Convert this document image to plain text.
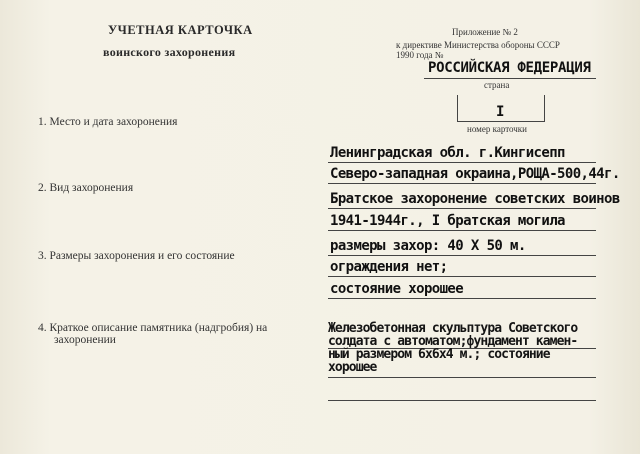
УЧЕТНАЯ КАРТОЧКА
воинского захоронения
Приложение № 2
к директиве Министерства обороны СССР
1990 года №
РОССИЙСКАЯ ФЕДЕРАЦИЯ
страна
I
номер карточки
1. Место и дата захоронения
Ленинградская обл. г.Кингисепп
Северо-западная окраина,РОЩА-500,44г.
2. Вид захоронения
Братское захоронение советских воинов
1941-1944г., I братская могила
3. Размеры захоронения и его состояние
размеры захор: 40 Х 50 м.
ограждения нет;
состояние хорошее
4. Краткое описание памятника (надгробия) на
захоронении
Железобетонная скульптура Советского
солдата с автоматом;фундамент камен-
ный размером 6х6х4 м.; состояние
хорошее
